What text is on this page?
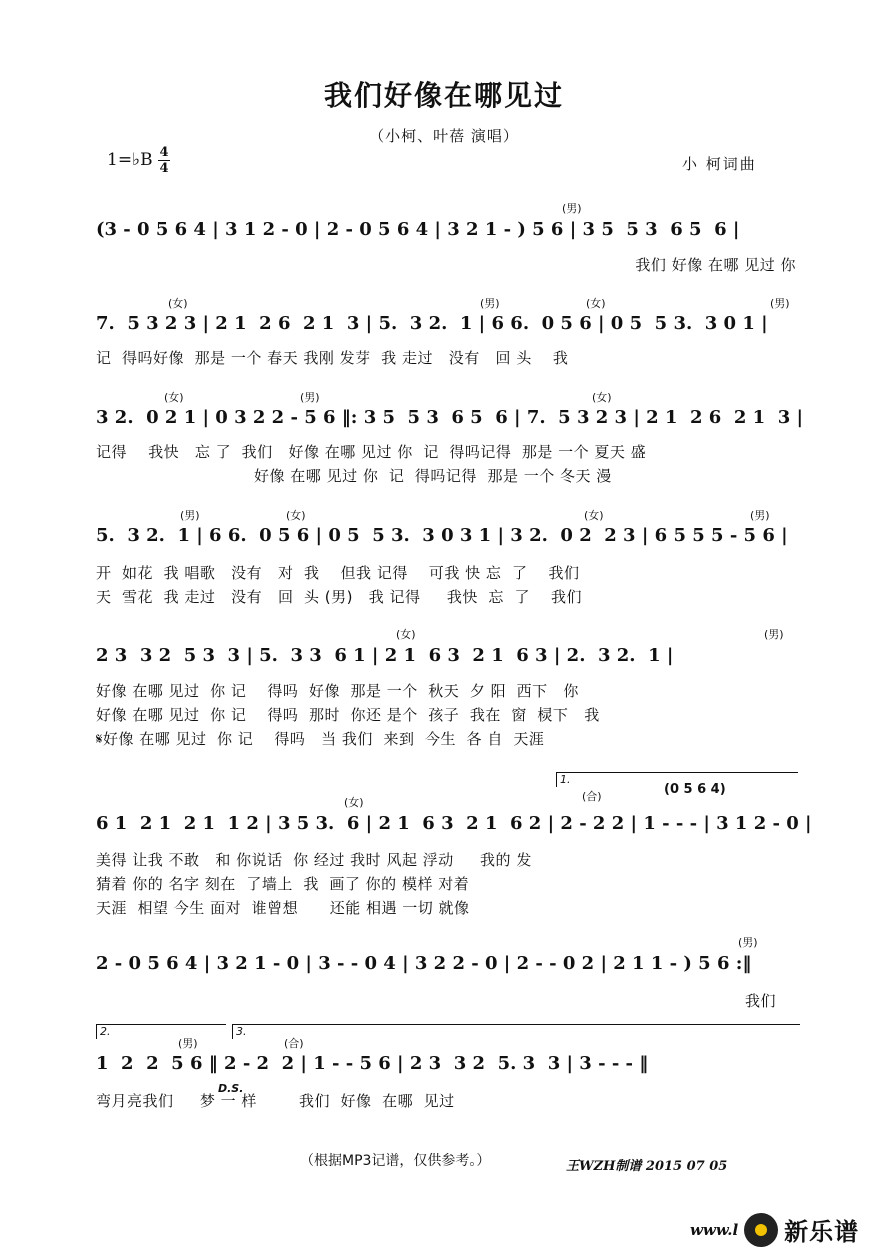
我们好像在哪见过
（小柯、叶蓓 演唱）
1=♭B 4
4	小 柯词曲
(男)
(3 - 0 5 6 4 | 3 1 2 - 0 | 2 - 0 5 6 4 | 3 2 1 - ) 5 6 | 3 5  5 3  6 5  6 |
我们 好像 在哪 见过 你
(女)	(男)	(女)	(男)
7.  5 3 2 3 | 2 1  2 6  2 1  3 | 5.  3 2.  1 | 6 6.  0 5 6 | 0 5  5 3.  3 0 1 |
记  得吗好像  那是 一个 春天 我刚 发芽  我 走过   没有   回 头    我
(女)	(男)	(女)
3 2.  0 2 1 | 0 3 2 2 - 5 6 ‖: 3 5  5 3  6 5  6 | 7.  5 3 2 3 | 2 1  2 6  2 1  3 |
记得    我快   忘 了  我们   好像 在哪 见过 你  记  得吗记得  那是 一个 夏天 盛
好像 在哪 见过 你  记  得吗记得  那是 一个 冬天 漫
(男)	(女)	(女)	(男)
5.  3 2.  1 | 6 6.  0 5 6 | 0 5  5 3.  3 0 3 1 | 3 2.  0 2  2 3 | 6 5 5 5 - 5 6 |
开  如花  我 唱歌   没有   对  我    但我 记得    可我 快 忘  了    我们
天  雪花  我 走过   没有   回  头 (男)   我 记得     我快  忘  了    我们
(女)	(男)
2 3  3 2  5 3  3 | 5.  3 3  6 1 | 2 1  6 3  2 1  6 3 | 2.  3 2.  1 |
好像 在哪 见过  你 记    得吗  好像  那是 一个  秋天  夕 阳  西下   你
好像 在哪 见过  你 记    得吗  那时  你还 是个  孩子  我在  窗  棂下   我
𝄋好像 在哪 见过  你 记    得吗   当 我们  来到  今生  各 自  天涯
1.
(女)	(合)	(0 5 6 4)
6 1  2 1  2 1  1 2 | 3 5 3.  6 | 2 1  6 3  2 1  6 2 | 2 - 2 2 | 1 - - - | 3 1 2 - 0 |
美得 让我 不敢   和 你说话  你 经过 我时 风起 浮动     我的 发
猜着 你的 名字 刻在  了墙上  我  画了 你的 模样 对着
天涯  相望 今生 面对  谁曾想      还能 相遇 一切 就像
(男)
2 - 0 5 6 4 | 3 2 1 - 0 | 3 - - 0 4 | 3 2 2 - 0 | 2 - - 0 2 | 2 1 1 - ) 5 6 :‖
我们
2.	3.
(男)	(合)
1  2  2  5 6 ‖ 2 - 2  2 | 1 - - 5 6 | 2 3  3 2  5. 3  3 | 3 - - - ‖
D.S.
弯月亮我们     梦 一 样        我们  好像  在哪  见过
（根据MP3记谱，仅供参考。）	王WZH制谱 2015 07 05
www.l 新乐谱
